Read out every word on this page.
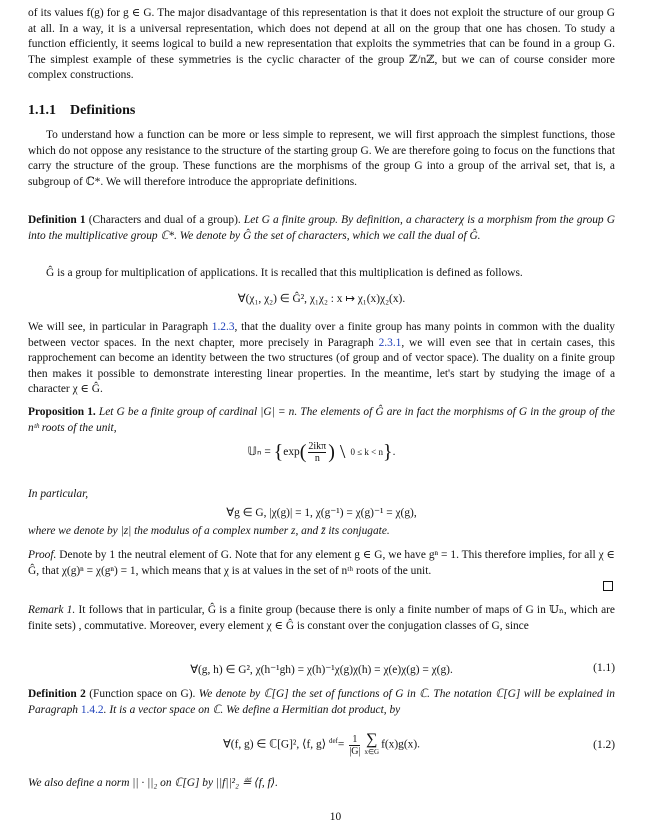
of its values f(g) for g ∈ G. The major disadvantage of this representation is that it does not exploit the structure of our group G at all. In a way, it is a universal representation, which does not depend at all on the group that one has chosen. To study a function efficiently, it seems logical to build a new representation that exploits the symmetries that can be found in a group G. The simplest example of these symmetries is the cyclic character of the group ℤ/nℤ, but we can of course consider more complex constructions.

1.1.1 Definitions

To understand how a function can be more or less simple to represent, we will first approach the simplest functions, those which do not oppose any resistance to the structure of the starting group G. We are therefore going to focus on the functions that carry the structure of the group. These functions are the morphisms of the group G into a group of the arrival set, that is, a subgroup of ℂ*. We will therefore introduce the appropriate definitions.

Definition 1 (Characters and dual of a group). Let G a finite group. By definition, a characterχ is a morphism from the group G into the multiplicative group ℂ*. We denote by Ĝ the set of characters, which we call the dual of Ĝ.

Ĝ is a group for multiplication of applications. It is recalled that this multiplication is defined as follows.

∀(χ₁, χ₂) ∈ Ĝ², χ₁χ₂ : x ↦ χ₁(x)χ₂(x).

We will see, in particular in Paragraph 1.2.3, that the duality over a finite group has many points in common with the duality between vector spaces. In the next chapter, more precisely in Paragraph 2.3.1, we will even see that in certain cases, this rapprochement can become an identity between the two structures (of group and of vector space). The duality on a finite group then makes it possible to demonstrate interesting linear properties. In the meantime, let's start by studying the image of a character χ ∈ Ĝ.

Proposition 1. Let G be a finite group of cardinal |G| = n. The elements of Ĝ are in fact the morphisms of G in the group of the nᵗʰ roots of the unit,

𝕌ₙ = {$\exp( \frac{\text{2ikπ}}{n}$ ) \ 0 ≤ k < n}.

In particular,

∀g ∈ G, |χ(g)| = 1, χ(g⁻¹) = χ(g)⁻¹ = χ(g),

where we denote by |z| the modulus of a complex number z, and z̄ its conjugate.

Proof. Denote by 1 the neutral element of G. Note that for any element g ∈ G, we have gⁿ = 1. This therefore implies, for all χ ∈ Ĝ, that χ(g)ⁿ = χ(gⁿ) = 1, which means that χ is at values in the set of nᵗʰ roots of the unit.

Remark 1. It follows that in particular, Ĝ is a finite group (because there is only a finite number of maps of G in 𝕌ₙ, which are finite sets) , commutative. Moreover, every element χ ∈ Ĝ is constant over the conjugation classes of G, since

∀(g, h) ∈ G², χ(h⁻¹gh) = χ(h)⁻¹χ(g)χ(h) = χ(e)χ(g) = χ(g).	(1.1)

Definition 2 (Function space on G). We denote by ℂ[G] the set of functions of G in ℂ. The notation ℂ[G] will be explained in Paragraph 1.4.2. It is a vector space on ℂ. We define a Hermitian dot product, by

∀(f, g) ∈ ℂ[G]², ⟨f, g⟩ $^{def}= \frac{1}{|G|}$ ∑
x∈G
f(x)g(x).	(1.2)

We also define a norm || · ||₂ on ℂ[G] by ||f||²₂ ≝ ⟨f, f⟩.

10
